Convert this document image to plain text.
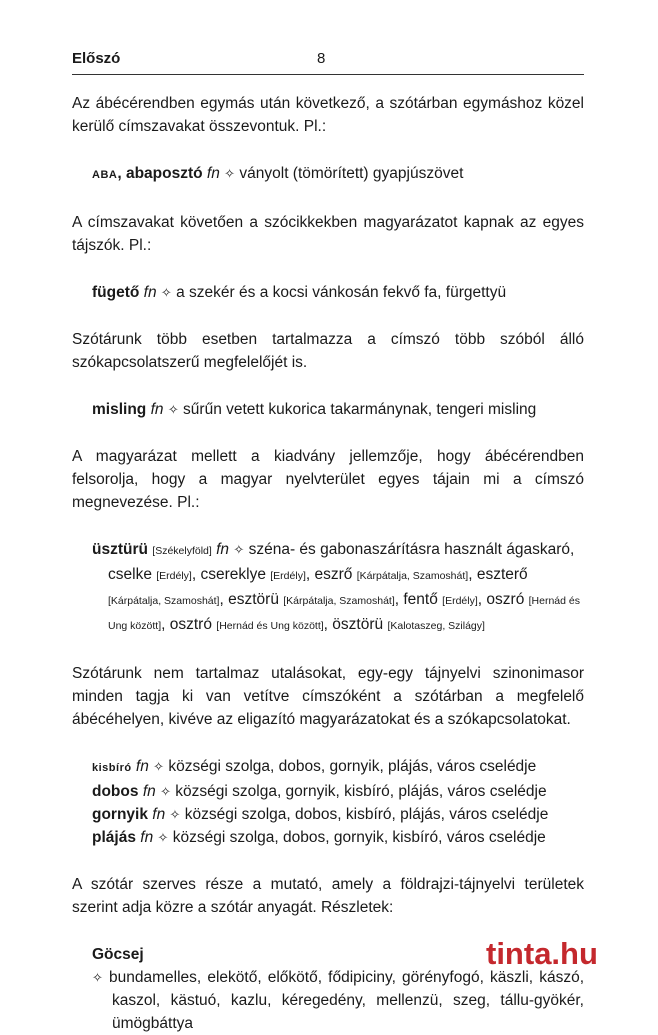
Előszó	8

Az ábécérendben egymás után következő, a szótárban egymáshoz közel kerülő címszavakat összevontuk. Pl.:

ABA, abaposztó fn ✧ ványolt (tömörített) gyapjúszövet

A címszavakat követően a szócikkekben magyarázatot kapnak az egyes tájszók. Pl.:

fügető fn ✧ a szekér és a kocsi vánkosán fekvő fa, fürgettyü

Szótárunk több esetben tartalmazza a címszó több szóból álló szókapcsolatszerű megfelelőjét is.

misling fn ✧ sűrűn vetett kukorica takarmánynak, tengeri misling

A magyarázat mellett a kiadvány jellemzője, hogy ábécérendben felsorolja, hogy a magyar nyelvterület egyes tájain mi a címszó megnevezése. Pl.:

üsztürü [Székelyföld] fn ✧ széna- és gabonaszárításra használt ágaskaró, cselke [Erdély], csereklye [Erdély], eszrő [Kárpátalja, Szamoshát], eszterő [Kárpátalja, Szamoshát], esztörü [Kárpátalja, Szamoshát], fentő [Erdély], oszró [Hernád és Ung között], osztró [Hernád és Ung között], ösztörü [Kalotaszeg, Szilágy]

Szótárunk nem tartalmaz utalásokat, egy-egy tájnyelvi szinonimasor minden tagja ki van vetítve címszóként a szótárban a megfelelő ábécéhelyen, kivéve az eligazító magyarázatokat és a szókapcsolatokat.

kisbíró fn ✧ községi szolga, dobos, gornyik, plájás, város cselédje

dobos fn ✧ községi szolga, gornyik, kisbíró, plájás, város cselédje

gornyik fn ✧ községi szolga, dobos, kisbíró, plájás, város cselédje

plájás fn ✧ községi szolga, dobos, gornyik, kisbíró, város cselédje

A szótár szerves része a mutató, amely a földrajzi-tájnyelvi területek szerint adja közre a szótár anyagát. Részletek:

Göcsej

✧ bundamelles, elekötő, előkötő, fődipiciny, görényfogó, käszli, kászó, kaszol, kästuó, kazlu, kéregedény, mellenzü, szeg, tállu-gyökér, ümögbáttya

tinta.hu
